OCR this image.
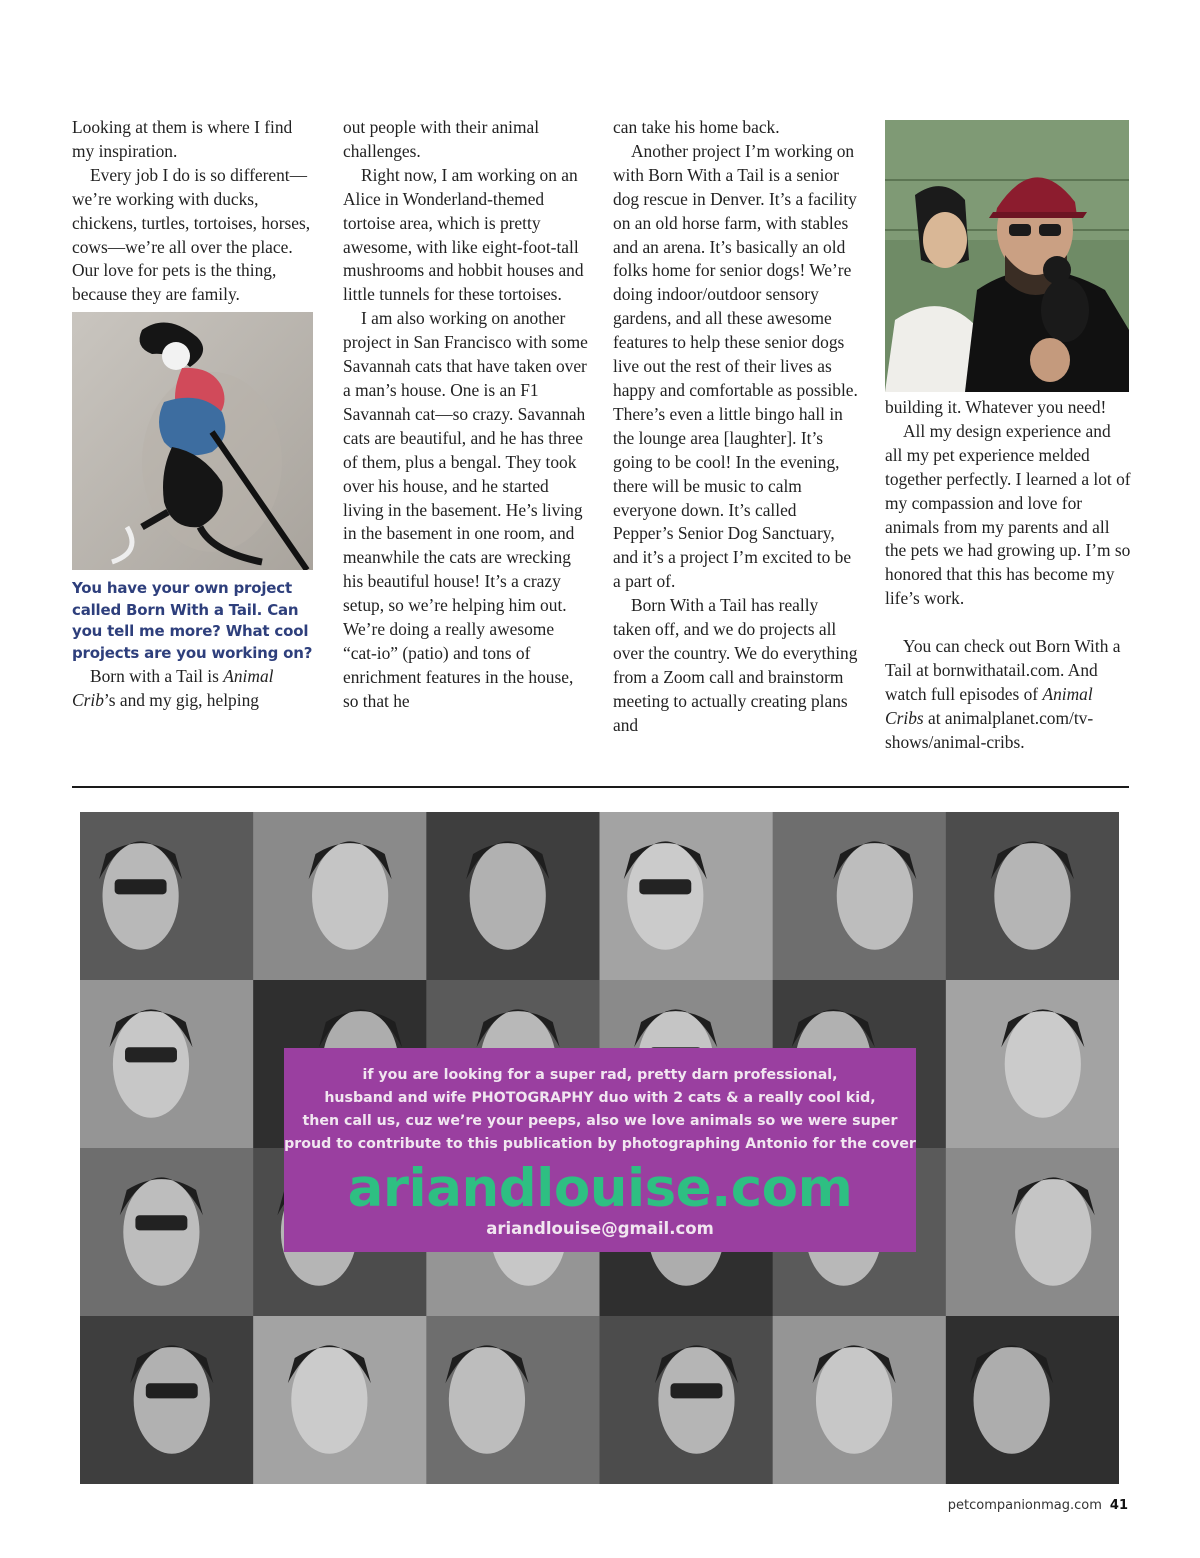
Looking at them is where I find my inspiration.

Every job I do is so different—we’re working with ducks, chickens, turtles, tortoises, horses, cows—we’re all over the place. Our love for pets is the thing, because they are family.

You have your own project called Born With a Tail. Can you tell me more? What cool projects are you working on?

Born with a Tail is Animal Crib’s and my gig, helping

out people with their animal challenges.

Right now, I am working on an Alice in Wonderland-themed tortoise area, which is pretty awesome, with like eight-foot-tall mushrooms and hobbit houses and little tunnels for these tortoises.

I am also working on another project in San Francisco with some Savannah cats that have taken over a man’s house. One is an F1 Savannah cat—so crazy. Savannah cats are beautiful, and he has three of them, plus a bengal. They took over his house, and he started living in the basement. He’s living in the basement in one room, and meanwhile the cats are wrecking his beautiful house! It’s a crazy setup, so we’re helping him out. We’re doing a really awesome “cat-io” (patio) and tons of enrichment features in the house, so that he

can take his home back.

Another project I’m working on with Born With a Tail is a senior dog rescue in Denver. It’s a facility on an old horse farm, with stables and an arena. It’s basically an old folks home for senior dogs! We’re doing indoor/outdoor sensory gardens, and all these awesome features to help these senior dogs live out the rest of their lives as happy and comfortable as possible. There’s even a little bingo hall in the lounge area [laughter]. It’s going to be cool! In the evening, there will be music to calm everyone down. It’s called Pepper’s Senior Dog Sanctuary, and it’s a project I’m excited to be a part of.

Born With a Tail has really taken off, and we do projects all over the country. We do everything from a Zoom call and brainstorm meeting to actually creating plans and

building it. Whatever you need!

All my design experience and all my pet experience melded together perfectly. I learned a lot of my compassion and love for animals from my parents and all the pets we had growing up. I’m so honored that this has become my life’s work.

You can check out Born With a Tail at bornwithatail.com. And watch full episodes of Animal Cribs at animalplanet.com/tv-shows/animal-cribs.

if you are looking for a super rad, pretty darn professional,
husband and wife PHOTOGRAPHY duo with 2 cats & a really cool kid,
then call us, cuz we’re your peeps, also we love animals so we were super
proud to contribute to this publication by photographing Antonio for the cover
ariandlouise.com
ariandlouise@gmail.com
petcompanionmag.com 41
